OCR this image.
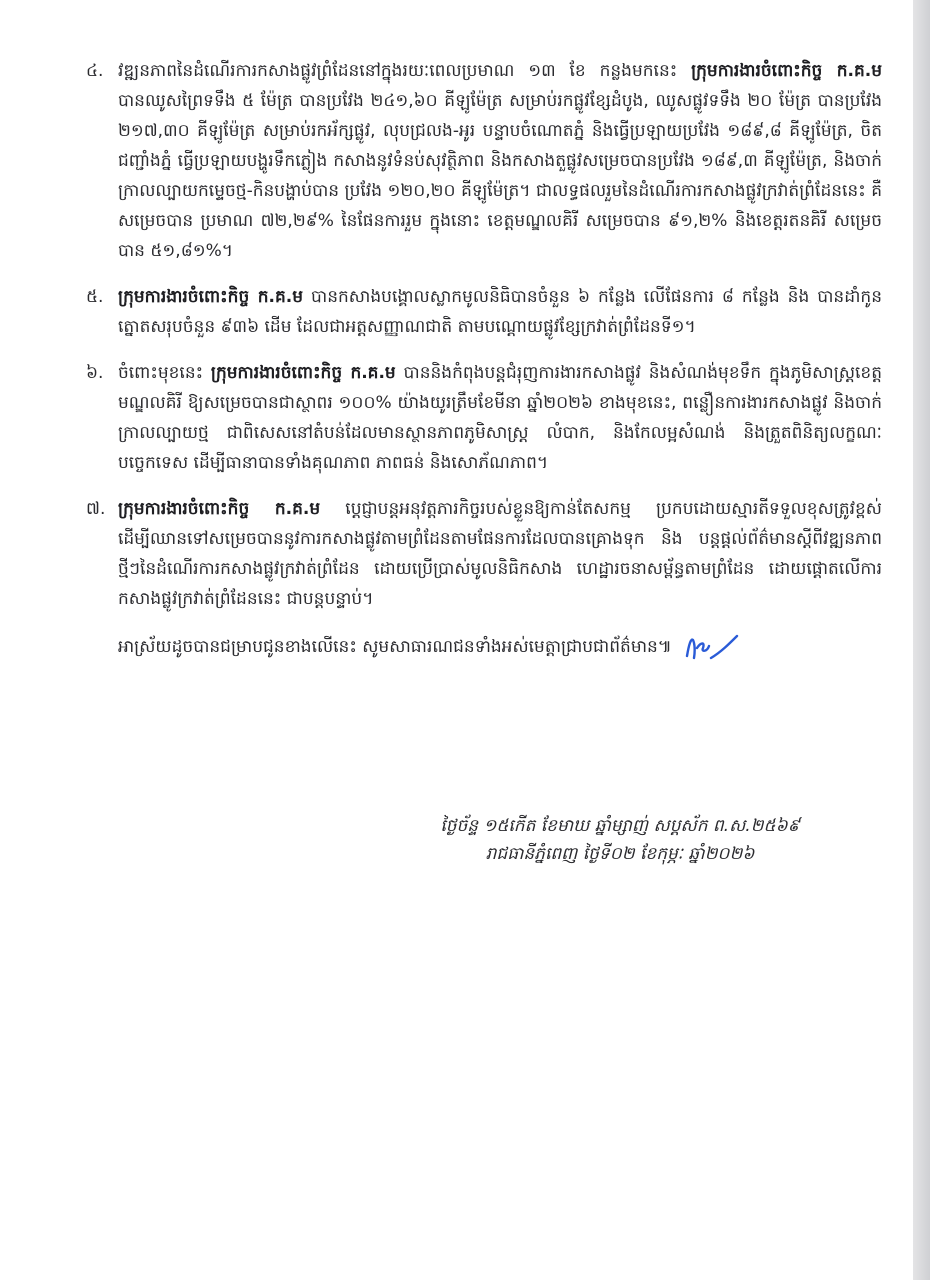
៤. វឌ្ឍនភាពនៃដំណើរការកសាងផ្លូវព្រំដែននៅក្នុងរយៈពេលប្រមាណ ១៣ ខែ កន្លងមកនេះ ក្រុមការងារចំពោះកិច្ច ក.គ.ម បានឈូសព្រៃទទឹង ៥ ម៉ែត្រ បានប្រវែង ២៤១,៦០ គីឡូម៉ែត្រ សម្រាប់រកផ្លូវខ្សែដំបូង, ឈូសផ្លូវទទឹង ២០ ម៉ែត្រ បានប្រវែង ២១៧,៣០ គីឡូម៉ែត្រ សម្រាប់រកអ័ក្សផ្លូវ, លុបជ្រលង-អូរ បន្ទាបចំណោតភ្នំ និងធ្វើប្រឡាយប្រវែង ១៨៩,៨ គីឡូម៉ែត្រ, ចិតជញ្ជាំងភ្នំ ធ្វើប្រឡាយបង្ហូរទឹកភ្លៀង កសាងនូវទំនប់សុវត្ថិភាព និងកសាងតួផ្លូវសម្រេចបានប្រវែង ១៨៩,៣ គីឡូម៉ែត្រ, និងចាក់ក្រាលល្បាយកម្ទេចថ្ម-កិនបង្ហាប់បាន ប្រវែង ១២០,២០ គីឡូម៉ែត្រ។ ជាលទ្ធផលរួមនៃដំណើរការកសាងផ្លូវក្រវាត់ព្រំដែននេះ គឺសម្រេចបាន ប្រមាណ ៧២,២៩% នៃផែនការរួម ក្នុងនោះ ខេត្តមណ្ឌលគិរី សម្រេចបាន ៩១,២% និងខេត្តរតនគិរី សម្រេចបាន ៥១,៨១%។
៥. ក្រុមការងារចំពោះកិច្ច ក.គ.ម បានកសាងបង្គោលស្លាកមូលនិធិបានចំនួន ៦ កន្លែង លើផែនការ ៨ កន្លែង និង បានដាំកូនត្នោតសរុបចំនួន ៩៣៦ ដើម ដែលជាអត្តសញ្ញាណជាតិ តាមបណ្តោយផ្លូវខ្សែក្រវាត់ព្រំដែនទី១។
៦. ចំពោះមុខនេះ ក្រុមការងារចំពោះកិច្ច ក.គ.ម បាននិងកំពុងបន្តជំរុញការងារកសាងផ្លូវ និងសំណង់មុខទឹក ក្នុងភូមិសាស្ត្រខេត្តមណ្ឌលគិរី ឱ្យសម្រេចបានជាស្ថាពរ ១០០% យ៉ាងយូរត្រឹមខែមីនា ឆ្នាំ២០២៦ ខាងមុខនេះ, ពន្លឿនការងារកសាងផ្លូវ និងចាក់ក្រាលល្បាយថ្ម ជាពិសេសនៅតំបន់ដែលមានស្ថានភាពភូមិសាស្ត្រ លំបាក, និងកែលម្អសំណង់ និងត្រួតពិនិត្យលក្ខណៈបច្ចេកទេស ដើម្បីធានាបានទាំងគុណភាព ភាពធន់ និងសោភ័ណភាព។
៧. ក្រុមការងារចំពោះកិច្ច ក.គ.ម ប្តេជ្ញាបន្តអនុវត្តភារកិច្ចរបស់ខ្លួនឱ្យកាន់តែសកម្ម ប្រកបដោយស្មារតីទទួលខុសត្រូវខ្ពស់ ដើម្បីឈានទៅសម្រេចបាននូវការកសាងផ្លូវតាមព្រំដែនតាមផែនការដែលបានគ្រោងទុក និង បន្តផ្តល់ព័ត៌មានស្តីពីវឌ្ឍនភាពថ្មីៗនៃដំណើរការកសាងផ្លូវក្រវាត់ព្រំដែន ដោយប្រើប្រាស់មូលនិធិកសាង ហេដ្ឋារចនាសម្ព័ន្ធតាមព្រំដែន ដោយផ្តោតលើការកសាងផ្លូវក្រវាត់ព្រំដែននេះ ជាបន្តបន្ទាប់។
អាស្រ័យដូចបានជម្រាបជូនខាងលើនេះ សូមសាធារណជនទាំងអស់មេត្តាជ្រាបជាព័ត៌មាន៕
ថ្ងៃច័ន្ទ ១៥កើត ខែមាឃ ឆ្នាំម្សាញ់ សប្តស័ក ព.ស.២៥៦៩
រាជធានីភ្នំពេញ ថ្ងៃទី០២ ខែកុម្ភៈ ឆ្នាំ២០២៦
